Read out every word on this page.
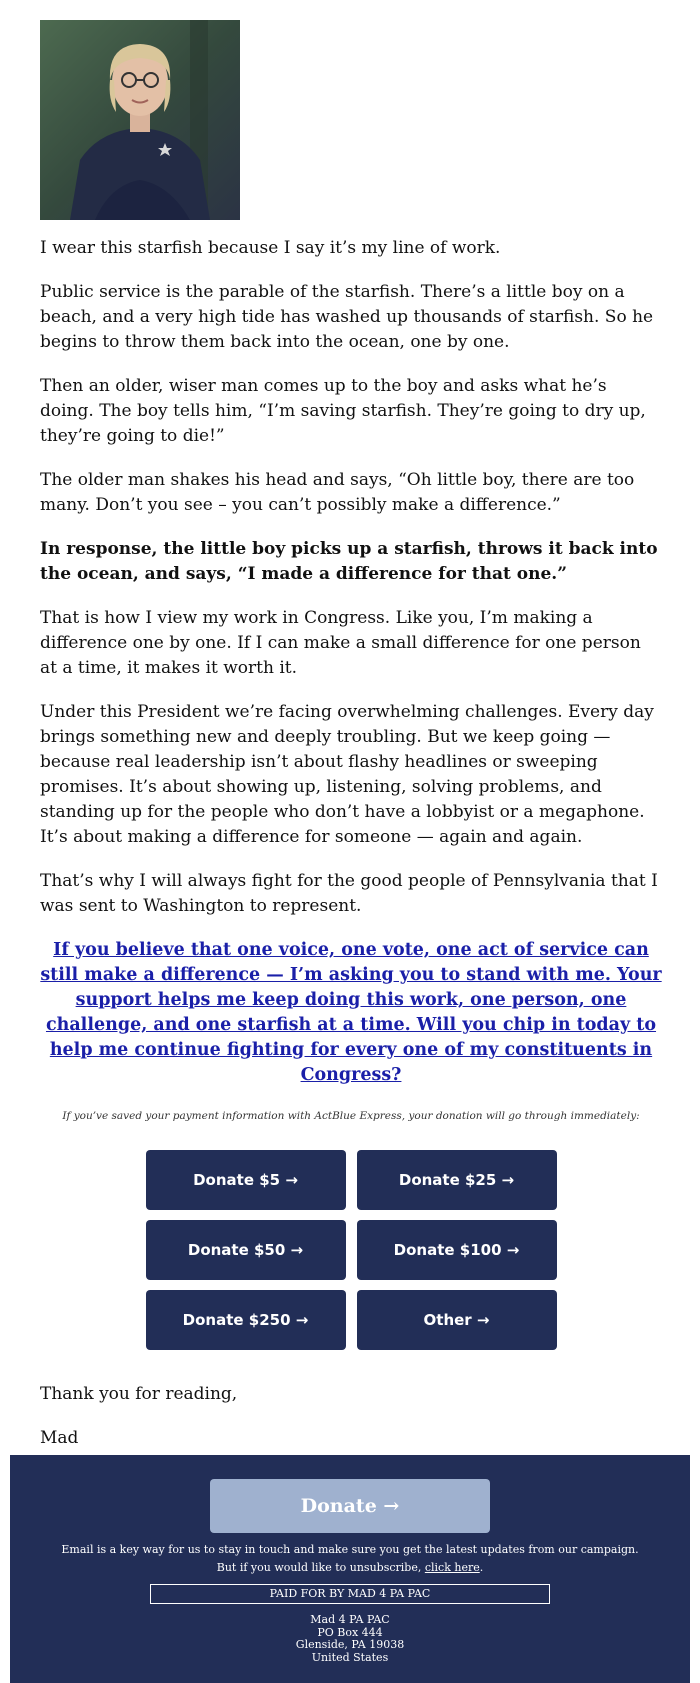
I wear this starfish because I say it’s my line of work.

Public service is the parable of the starfish. There’s a little boy on a beach, and a very high tide has washed up thousands of starfish. So he begins to throw them back into the ocean, one by one.

Then an older, wiser man comes up to the boy and asks what he’s doing. The boy tells him, “I’m saving starfish. They’re going to dry up, they’re going to die!”

The older man shakes his head and says, “Oh little boy, there are too many. Don’t you see – you can’t possibly make a difference.”

In response, the little boy picks up a starfish, throws it back into the ocean, and says, “I made a difference for that one.”

That is how I view my work in Congress. Like you, I’m making a difference one by one. If I can make a small difference for one person at a time, it makes it worth it.

Under this President we’re facing overwhelming challenges. Every day brings something new and deeply troubling. But we keep going — because real leadership isn’t about flashy headlines or sweeping promises. It’s about showing up, listening, solving problems, and standing up for the people who don’t have a lobbyist or a megaphone. It’s about making a difference for someone — again and again.

That’s why I will always fight for the good people of Pennsylvania that I was sent to Washington to represent.

If you believe that one voice, one vote, one act of service can still make a difference — I’m asking you to stand with me. Your support helps me keep doing this work, one person, one challenge, and one starfish at a time. Will you chip in today to help me continue fighting for every one of my constituents in Congress?
If you’ve saved your payment information with ActBlue Express, your donation will go through immediately:
Donate $5 →	Donate $25 →
Donate $50 →	Donate $100 →
Donate $250 →	Other →

Thank you for reading,

Mad

Donate →
Email is a key way for us to stay in touch and make sure you get the latest updates from our campaign. But if you would like to unsubscribe, click here.
PAID FOR BY MAD 4 PA PAC
Mad 4 PA PAC
PO Box 444
Glenside, PA 19038
United States
